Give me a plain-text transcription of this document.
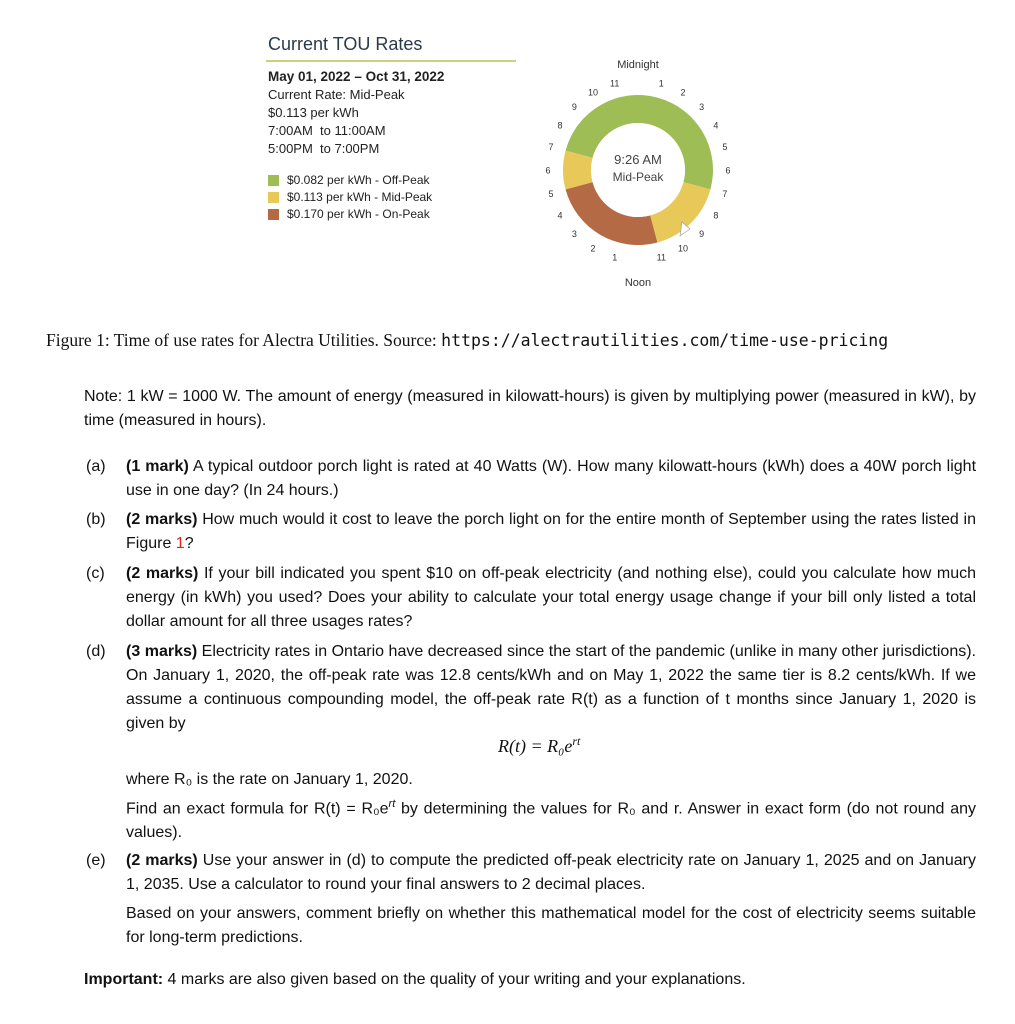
Current TOU Rates
May 01, 2022 – Oct 31, 2022
Current Rate: Mid-Peak
$0.113 per kWh
7:00AM  to 11:00AM
5:00PM  to 7:00PM
$0.082 per kWh - Off-Peak
$0.113 per kWh - Mid-Peak
$0.170 per kWh - On-Peak
Midnight
Noon
9:26 AM
Mid-Peak
1
2
3
4
5
6
7
8
9
10
11
11
10
9
8
7
6
5
4
3
2
1
Figure 1: Time of use rates for Alectra Utilities. Source: https://alectrautilities.com/time-use-pricing
Note: 1 kW = 1000 W. The amount of energy (measured in kilowatt-hours) is given by multiplying power (measured in kW), by time (measured in hours).
(a) (1 mark) A typical outdoor porch light is rated at 40 Watts (W). How many kilowatt-hours (kWh) does a 40W porch light use in one day? (In 24 hours.)
(b) (2 marks) How much would it cost to leave the porch light on for the entire month of September using the rates listed in Figure 1?
(c) (2 marks) If your bill indicated you spent $10 on off-peak electricity (and nothing else), could you calculate how much energy (in kWh) you used? Does your ability to calculate your total energy usage change if your bill only listed a total dollar amount for all three usages rates?
(d) (3 marks) Electricity rates in Ontario have decreased since the start of the pandemic (unlike in many other jurisdictions). On January 1, 2020, the off-peak rate was 12.8 cents/kWh and on May 1, 2022 the same tier is 8.2 cents/kWh. If we assume a continuous compounding model, the off-peak rate R(t) as a function of t months since January 1, 2020 is given by
$R(t) = R_0e^{rt}$
where R₀ is the rate on January 1, 2020.
Find an exact formula for $R(t) = R_0e^{rt}$ by determining the values for R₀ and r. Answer in exact form (do not round any values).
(e) (2 marks) Use your answer in (d) to compute the predicted off-peak electricity rate on January 1, 2025 and on January 1, 2035. Use a calculator to round your final answers to 2 decimal places.
Based on your answers, comment briefly on whether this mathematical model for the cost of electricity seems suitable for long-term predictions.
Important: 4 marks are also given based on the quality of your writing and your explanations.
